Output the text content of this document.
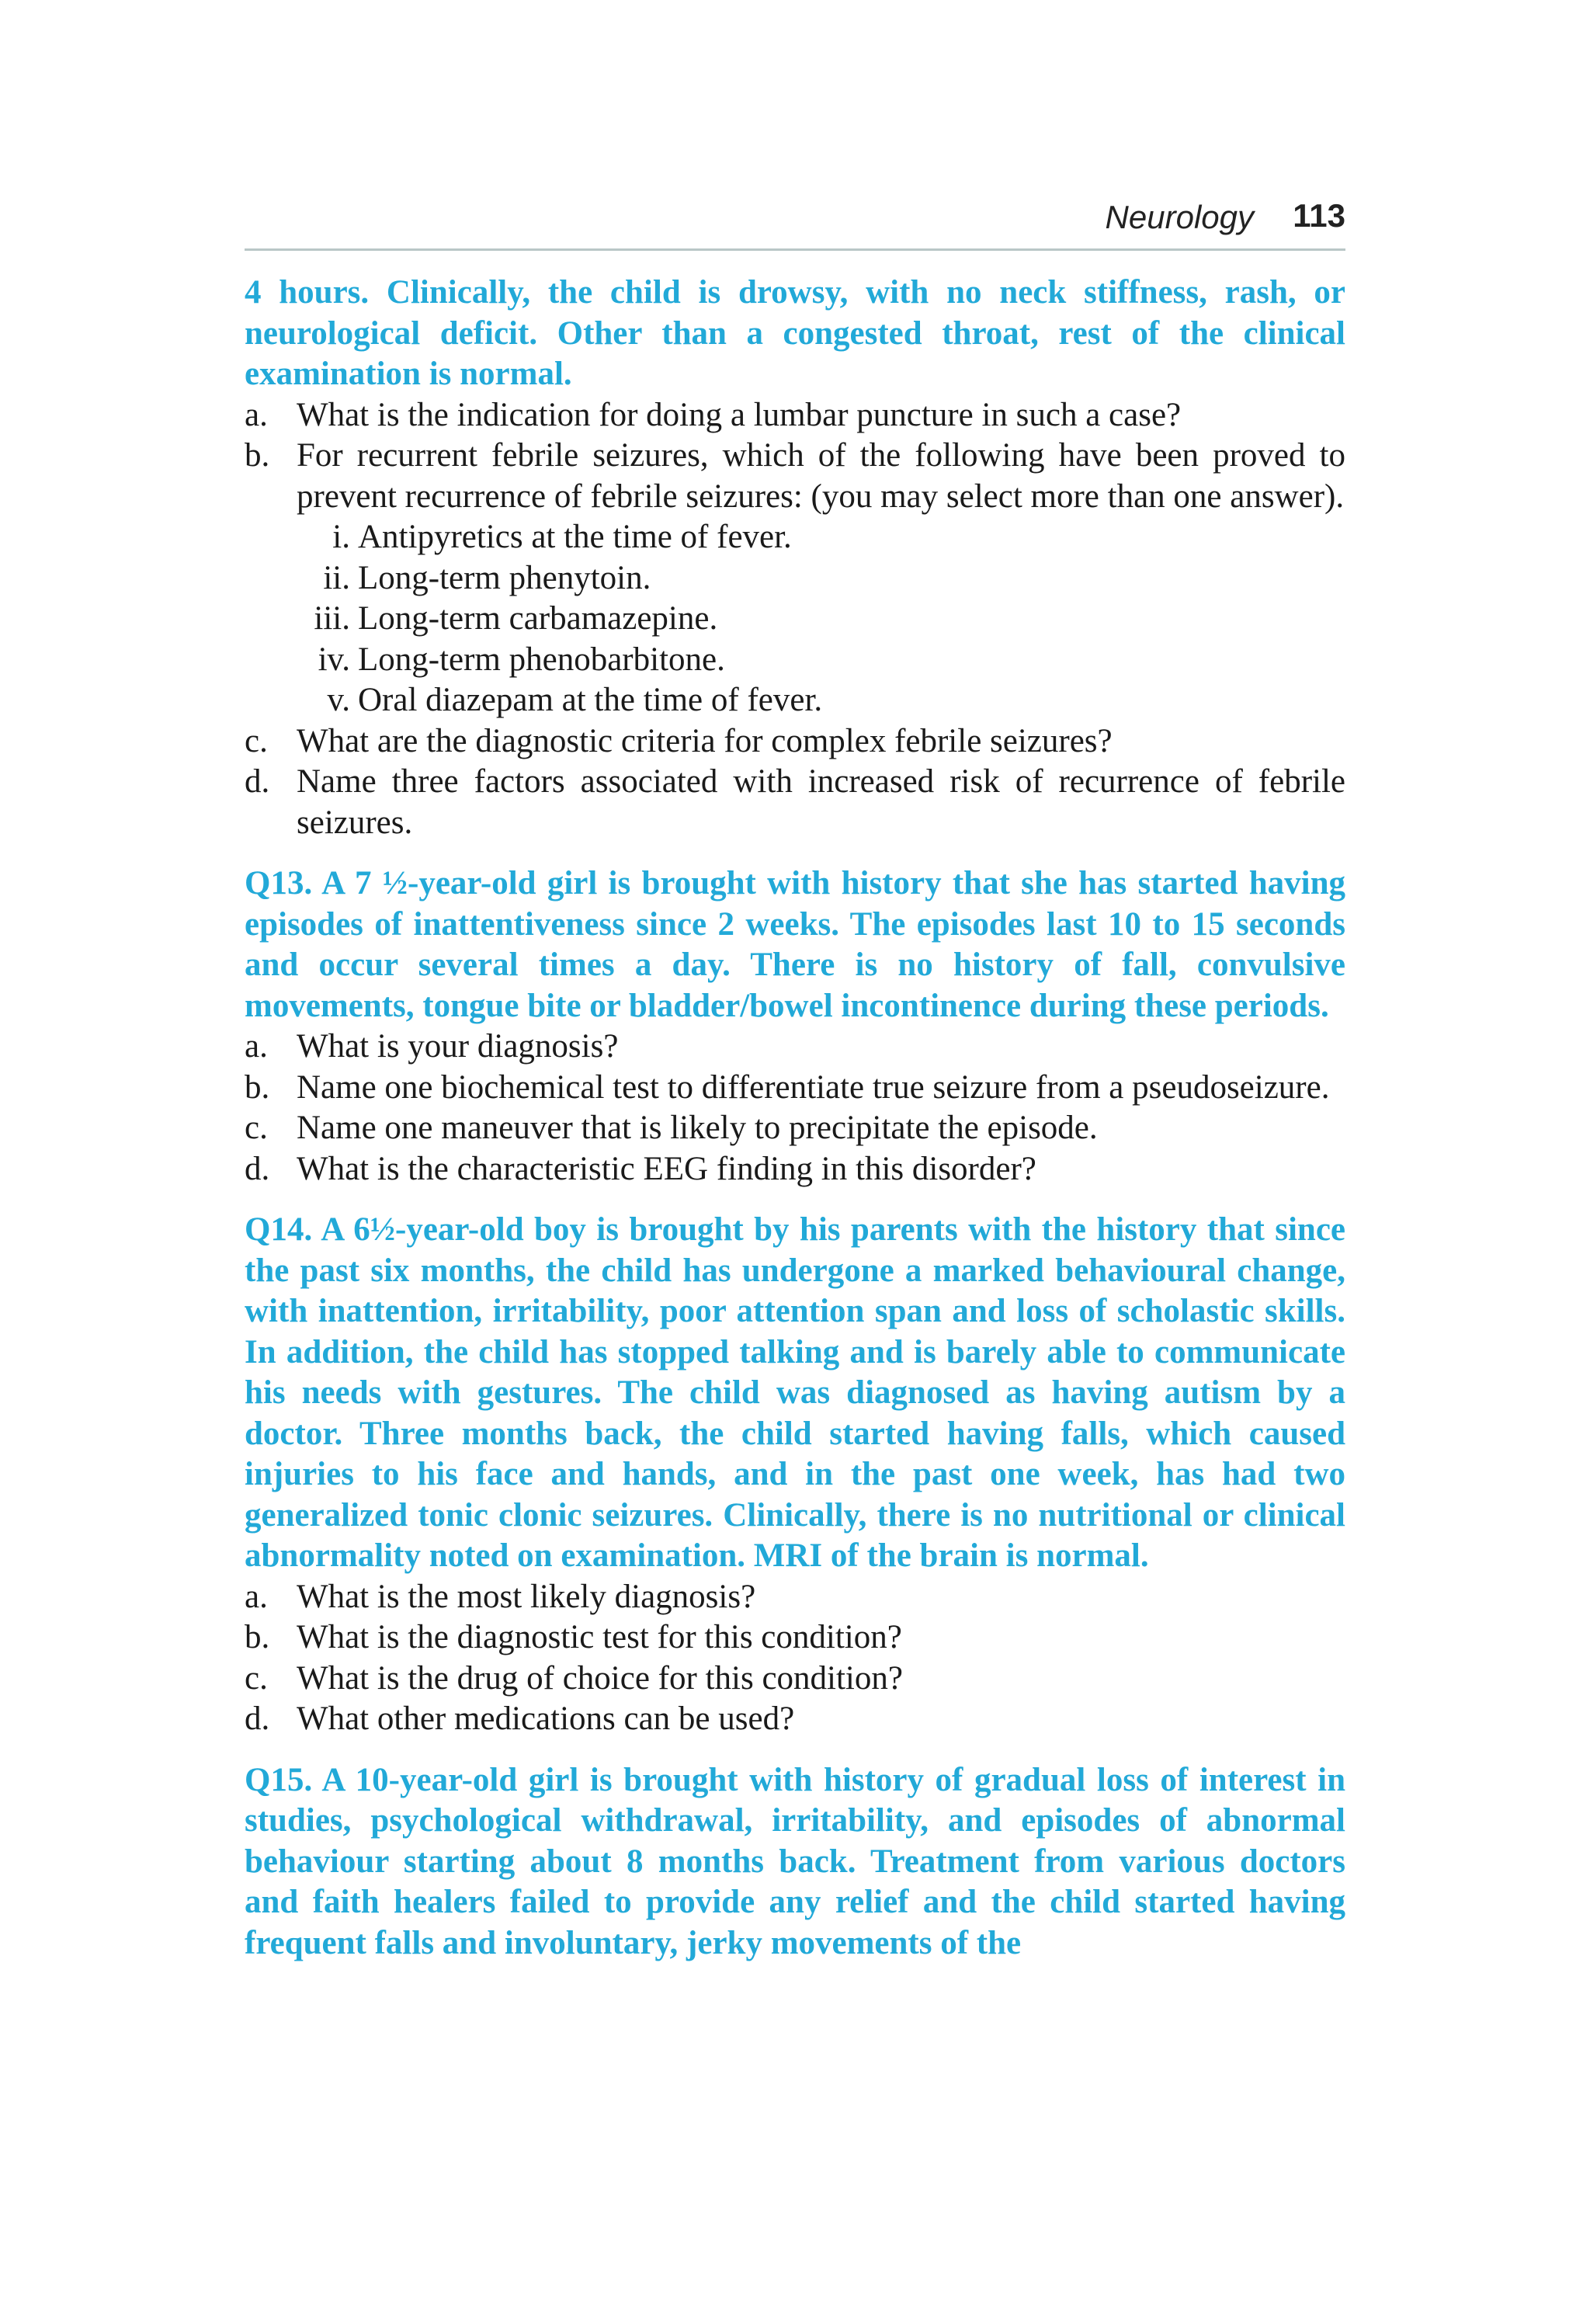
Neurology 113

4 hours. Clinically, the child is drowsy, with no neck stiffness, rash, or neurological deficit. Other than a congested throat, rest of the clinical examination is normal.

a. What is the indication for doing a lumbar puncture in such a case?
b. For recurrent febrile seizures, which of the following have been proved to prevent recurrence of febrile seizures: (you may select more than one answer).
i. Antipyretics at the time of fever.
ii. Long-term phenytoin.
iii. Long-term carbamazepine.
iv. Long-term phenobarbitone.
v. Oral diazepam at the time of fever.
c. What are the diagnostic criteria for complex febrile seizures?
d. Name three factors associated with increased risk of recurrence of febrile seizures.

Q13. A 7 ½-year-old girl is brought with history that she has started having episodes of inattentiveness since 2 weeks. The episodes last 10 to 15 seconds and occur several times a day. There is no history of fall, convulsive movements, tongue bite or bladder/bowel incontinence during these periods.

a. What is your diagnosis?
b. Name one biochemical test to differentiate true seizure from a pseudoseizure.
c. Name one maneuver that is likely to precipitate the episode.
d. What is the characteristic EEG finding in this disorder?

Q14. A 6½-year-old boy is brought by his parents with the history that since the past six months, the child has undergone a marked behavioural change, with inattention, irritability, poor attention span and loss of scholastic skills. In addition, the child has stopped talking and is barely able to communicate his needs with gestures. The child was diagnosed as having autism by a doctor. Three months back, the child started having falls, which caused injuries to his face and hands, and in the past one week, has had two generalized tonic clonic seizures. Clinically, there is no nutritional or clinical abnormality noted on examination. MRI of the brain is normal.

a. What is the most likely diagnosis?
b. What is the diagnostic test for this condition?
c. What is the drug of choice for this condition?
d. What other medications can be used?

Q15. A 10-year-old girl is brought with history of gradual loss of interest in studies, psychological withdrawal, irritability, and episodes of abnormal behaviour starting about 8 months back. Treatment from various doctors and faith healers failed to provide any relief and the child started having frequent falls and involuntary, jerky movements of the
